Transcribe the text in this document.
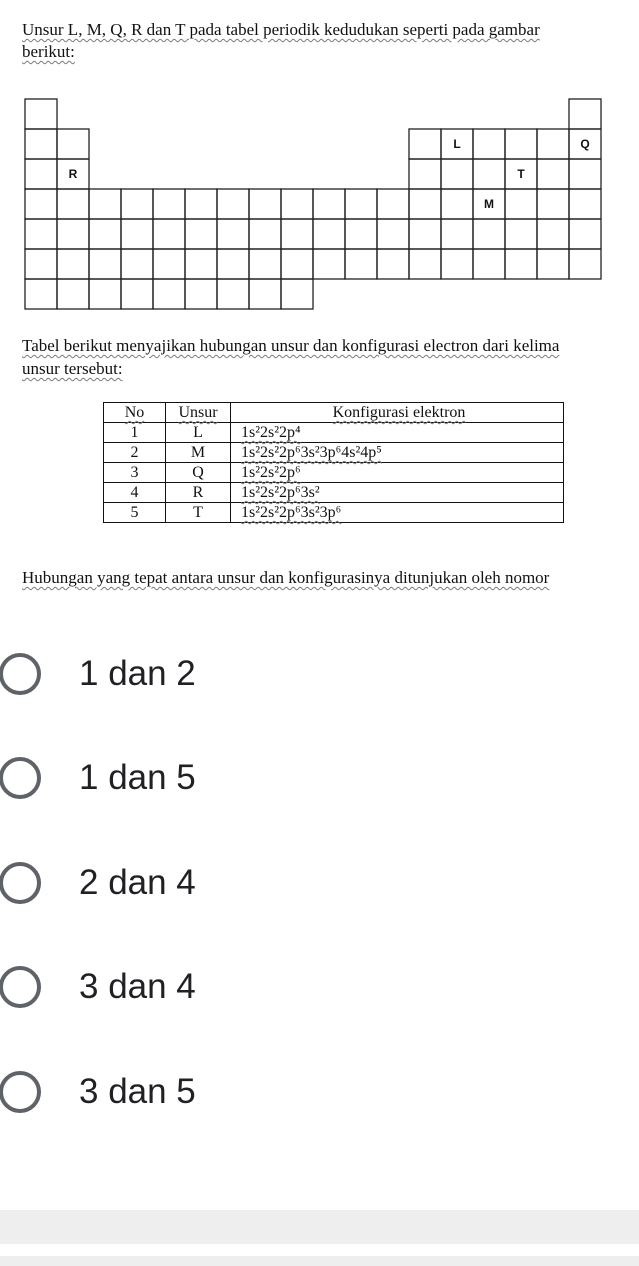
Unsur L, M, Q, R dan T pada tabel periodik kedudukan seperti pada gambar
berikut:
L	Q
R	T
M
Tabel berikut menyajikan hubungan unsur dan konfigurasi electron dari kelima
unsur tersebut:
No	Unsur	Konfigurasi elektron
1	L	1s²2s²2p⁴
2	M	1s²2s²2p⁶3s²3p⁶4s²4p⁵
3	Q	1s²2s²2p⁶
4	R	1s²2s²2p⁶3s²
5	T	1s²2s²2p⁶3s²3p⁶
Hubungan yang tepat antara unsur dan konfigurasinya ditunjukan oleh nomor
1 dan 2
1 dan 5
2 dan 4
3 dan 4
3 dan 5
